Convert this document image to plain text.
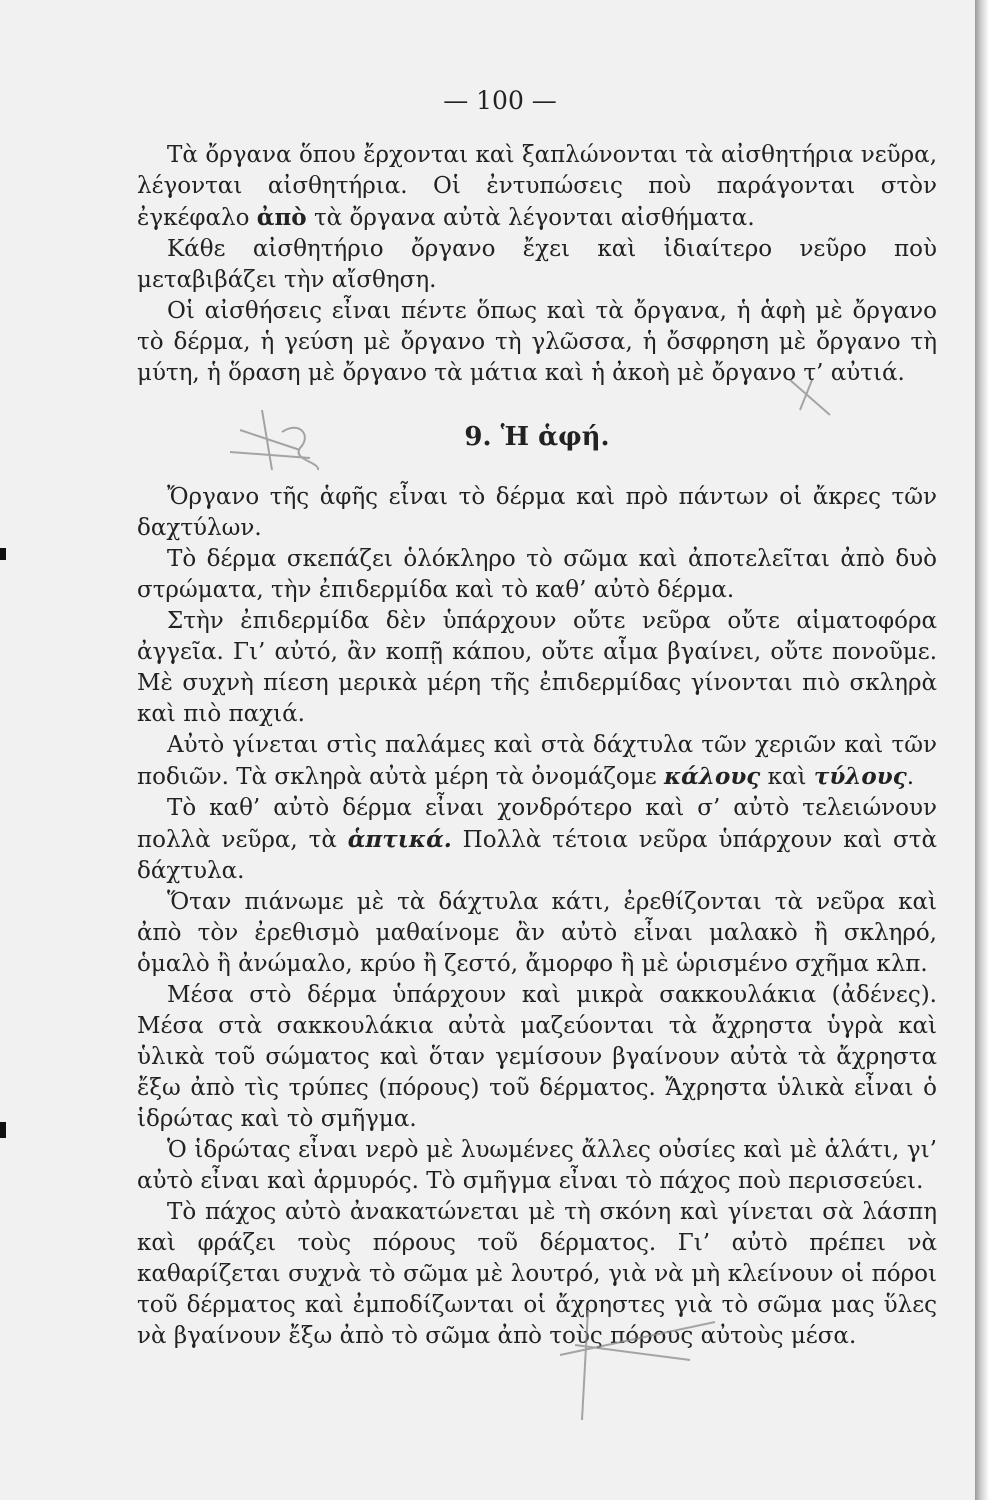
— 100 —

Τὰ ὄργανα ὅπου ἔρχονται καὶ ξαπλώνονται τὰ αἰσθητήρια νεῦρα, λέγονται αἰσθητήρια. Οἱ ἐντυπώσεις ποὺ παράγονται στὸν ἐγκέφαλο ἀπὸ τὰ ὄργανα αὐτὰ λέγονται αἰσθήματα.

Κάθε αἰσθητήριο ὄργανο ἔχει καὶ ἰδιαίτερο νεῦρο ποὺ μεταβιβάζει τὴν αἴσθηση.

Οἱ αἰσθήσεις εἶναι πέντε ὅπως καὶ τὰ ὄργανα, ἡ ἁφὴ μὲ ὄργανο τὸ δέρμα, ἡ γεύση μὲ ὄργανο τὴ γλῶσσα, ἡ ὄσφρηση μὲ ὄργανο τὴ μύτη, ἡ ὅραση μὲ ὄργανο τὰ μάτια καὶ ἡ ἀκοὴ μὲ ὄργανο τ’ αὐτιά.

9. Ἡ ἁφή.

Ὄργανο τῆς ἁφῆς εἶναι τὸ δέρμα καὶ πρὸ πάντων οἱ ἄκρες τῶν δαχτύλων.

Τὸ δέρμα σκεπάζει ὁλόκληρο τὸ σῶμα καὶ ἀποτελεῖται ἀπὸ δυὸ στρώματα, τὴν ἐπιδερμίδα καὶ τὸ καθ’ αὐτὸ δέρμα.

Στὴν ἐπιδερμίδα δὲν ὑπάρχουν οὔτε νεῦρα οὔτε αἱματοφόρα ἀγγεῖα. Γι’ αὐτό, ἂν κοπῇ κάπου, οὔτε αἷμα βγαίνει, οὔτε πονοῦμε. Μὲ συχνὴ πίεση μερικὰ μέρη τῆς ἐπιδερμίδας γίνονται πιὸ σκληρὰ καὶ πιὸ παχιά.

Αὐτὸ γίνεται στὶς παλάμες καὶ στὰ δάχτυλα τῶν χεριῶν καὶ τῶν ποδιῶν. Τὰ σκληρὰ αὐτὰ μέρη τὰ ὀνομάζομε κάλους καὶ τύλους.

Τὸ καθ’ αὐτὸ δέρμα εἶναι χονδρότερο καὶ σ’ αὐτὸ τελειώνουν πολλὰ νεῦρα, τὰ ἁπτικά. Πολλὰ τέτοια νεῦρα ὑπάρχουν καὶ στὰ δάχτυλα.

Ὅταν πιάνωμε μὲ τὰ δάχτυλα κάτι, ἐρεθίζονται τὰ νεῦρα καὶ ἀπὸ τὸν ἐρεθισμὸ μαθαίνομε ἂν αὐτὸ εἶναι μαλακὸ ἢ σκληρό, ὁμαλὸ ἢ ἀνώμαλο, κρύο ἢ ζεστό, ἄμορφο ἢ μὲ ὡρισμένο σχῆμα κλπ.

Μέσα στὸ δέρμα ὑπάρχουν καὶ μικρὰ σακκουλάκια (ἀδένες). Μέσα στὰ σακκουλάκια αὐτὰ μαζεύονται τὰ ἄχρηστα ὑγρὰ καὶ ὑλικὰ τοῦ σώματος καὶ ὅταν γεμίσουν βγαίνουν αὐτὰ τὰ ἄχρηστα ἔξω ἀπὸ τὶς τρύπες (πόρους) τοῦ δέρματος. Ἄχρηστα ὑλικὰ εἶναι ὁ ἱδρώτας καὶ τὸ σμῆγμα.

Ὁ ἱδρώτας εἶναι νερὸ μὲ λυωμένες ἄλλες οὐσίες καὶ μὲ ἁλάτι, γι’ αὐτὸ εἶναι καὶ ἁρμυρός. Τὸ σμῆγμα εἶναι τὸ πάχος ποὺ περισσεύει.

Τὸ πάχος αὐτὸ ἀνακατώνεται μὲ τὴ σκόνη καὶ γίνεται σὰ λάσπη καὶ φράζει τοὺς πόρους τοῦ δέρματος. Γι’ αὐτὸ πρέπει νὰ καθαρίζεται συχνὰ τὸ σῶμα μὲ λουτρό, γιὰ νὰ μὴ κλείνουν οἱ πόροι τοῦ δέρματος καὶ ἐμποδίζωνται οἱ ἄχρηστες γιὰ τὸ σῶμα μας ὕλες νὰ βγαίνουν ἔξω ἀπὸ τὸ σῶμα ἀπὸ τοὺς πόρους αὐτοὺς μέσα.
